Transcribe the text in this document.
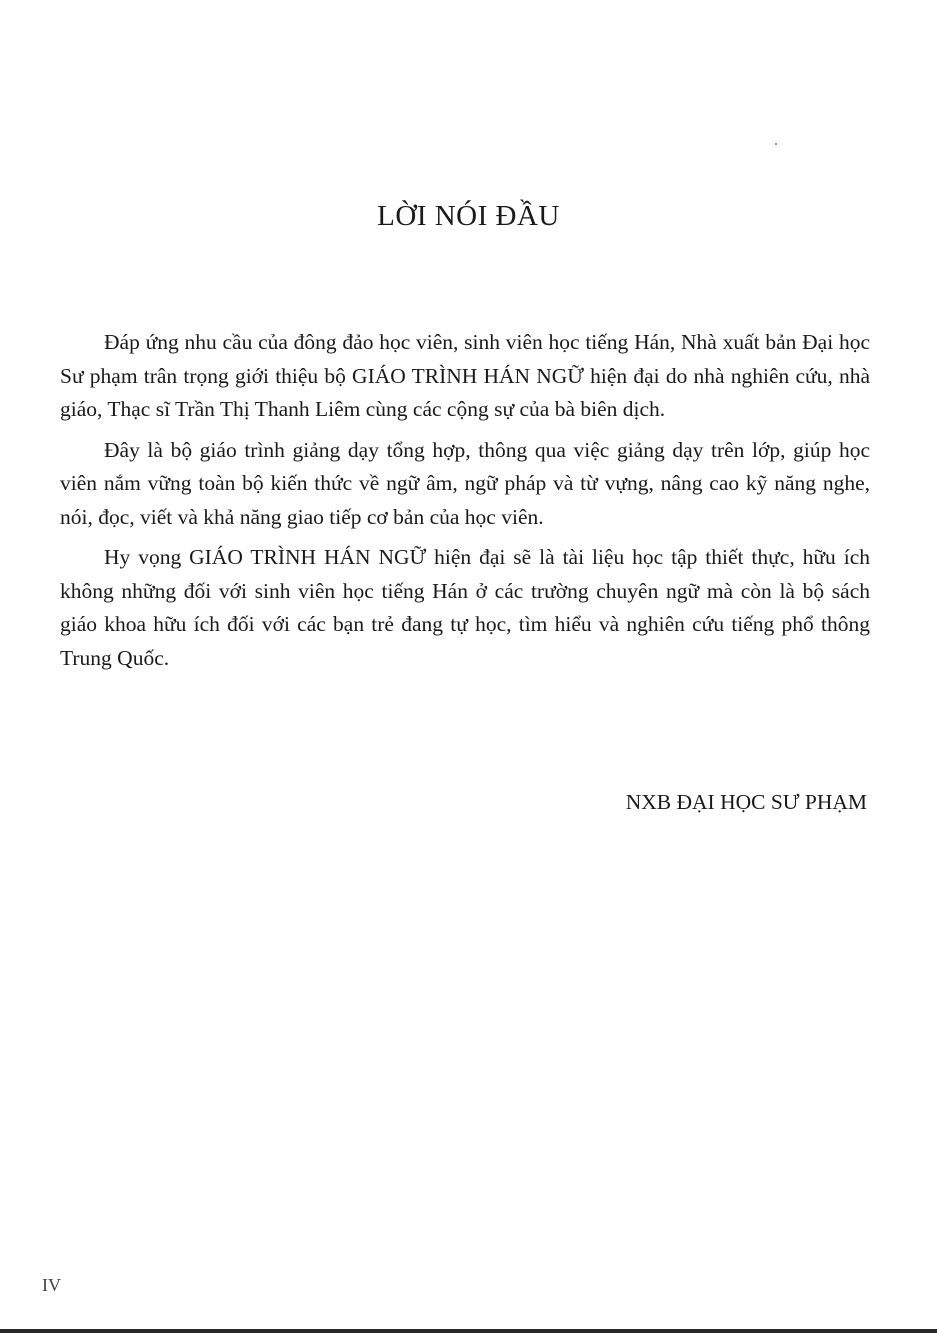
LỜI NÓI ĐẦU

Đáp ứng nhu cầu của đông đảo học viên, sinh viên học tiếng Hán, Nhà xuất bản Đại học Sư phạm trân trọng giới thiệu bộ GIÁO TRÌNH HÁN NGỮ hiện đại do nhà nghiên cứu, nhà giáo, Thạc sĩ Trần Thị Thanh Liêm cùng các cộng sự của bà biên dịch.

Đây là bộ giáo trình giảng dạy tổng hợp, thông qua việc giảng dạy trên lớp, giúp học viên nắm vững toàn bộ kiến thức về ngữ âm, ngữ pháp và từ vựng, nâng cao kỹ năng nghe, nói, đọc, viết và khả năng giao tiếp cơ bản của học viên.

Hy vọng GIÁO TRÌNH HÁN NGỮ hiện đại sẽ là tài liệu học tập thiết thực, hữu ích không những đối với sinh viên học tiếng Hán ở các trường chuyên ngữ mà còn là bộ sách giáo khoa hữu ích đối với các bạn trẻ đang tự học, tìm hiểu và nghiên cứu tiếng phổ thông Trung Quốc.

NXB ĐẠI HỌC SƯ PHẠM

IV
